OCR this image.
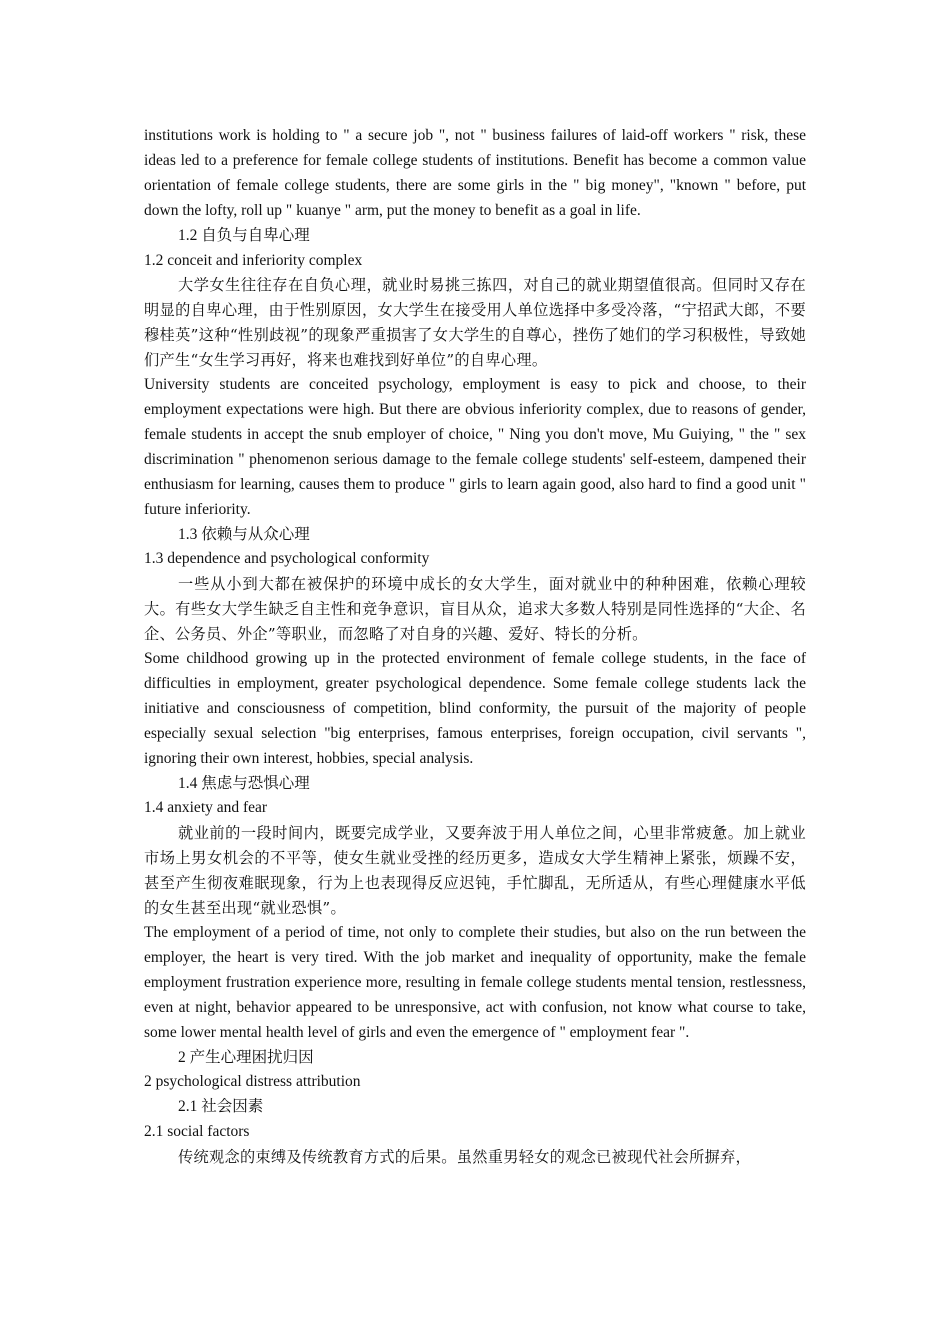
institutions work is holding to " a secure job ", not " business failures of laid-off workers " risk, these ideas led to a preference for female college students of institutions. Benefit has become a common value orientation of female college students, there are some girls in the " big money", "known " before, put down the lofty, roll up " kuanye " arm, put the money to benefit as a goal in life.

1.2 自负与自卑心理

1.2 conceit and inferiority complex

大学女生往往存在自负心理，就业时易挑三拣四，对自己的就业期望值很高。但同时又存在明显的自卑心理，由于性别原因，女大学生在接受用人单位选择中多受冷落，“宁招武大郎，不要穆桂英”这种“性别歧视”的现象严重损害了女大学生的自尊心，挫伤了她们的学习积极性，导致她们产生“女生学习再好，将来也难找到好单位”的自卑心理。

University students are conceited psychology, employment is easy to pick and choose, to their employment expectations were high. But there are obvious inferiority complex, due to reasons of gender, female students in accept the snub employer of choice, " Ning you don't move, Mu Guiying, " the " sex discrimination " phenomenon serious damage to the female college students' self-esteem, dampened their enthusiasm for learning, causes them to produce " girls to learn again good, also hard to find a good unit " future inferiority.

1.3 依赖与从众心理

1.3 dependence and psychological conformity

一些从小到大都在被保护的环境中成长的女大学生，面对就业中的种种困难，依赖心理较大。有些女大学生缺乏自主性和竞争意识，盲目从众，追求大多数人特别是同性选择的“大企、名企、公务员、外企”等职业，而忽略了对自身的兴趣、爱好、特长的分析。

Some childhood growing up in the protected environment of female college students, in the face of difficulties in employment, greater psychological dependence. Some female college students lack the initiative and consciousness of competition, blind conformity, the pursuit of the majority of people especially sexual selection "big enterprises, famous enterprises, foreign occupation, civil servants ", ignoring their own interest, hobbies, special analysis.

1.4 焦虑与恐惧心理

1.4 anxiety and fear

就业前的一段时间内，既要完成学业，又要奔波于用人单位之间，心里非常疲惫。加上就业市场上男女机会的不平等，使女生就业受挫的经历更多，造成女大学生精神上紧张，烦躁不安，甚至产生彻夜难眠现象，行为上也表现得反应迟钝，手忙脚乱，无所适从，有些心理健康水平低的女生甚至出现“就业恐惧”。

The employment of a period of time, not only to complete their studies, but also on the run between the employer, the heart is very tired. With the job market and inequality of opportunity, make the female employment frustration experience more, resulting in female college students mental tension, restlessness, even at night, behavior appeared to be unresponsive, act with confusion, not know what course to take, some lower mental health level of girls and even the emergence of " employment fear ".

2 产生心理困扰归因

2 psychological distress attribution

2.1 社会因素

2.1 social factors

传统观念的束缚及传统教育方式的后果。虽然重男轻女的观念已被现代社会所摒弃，
